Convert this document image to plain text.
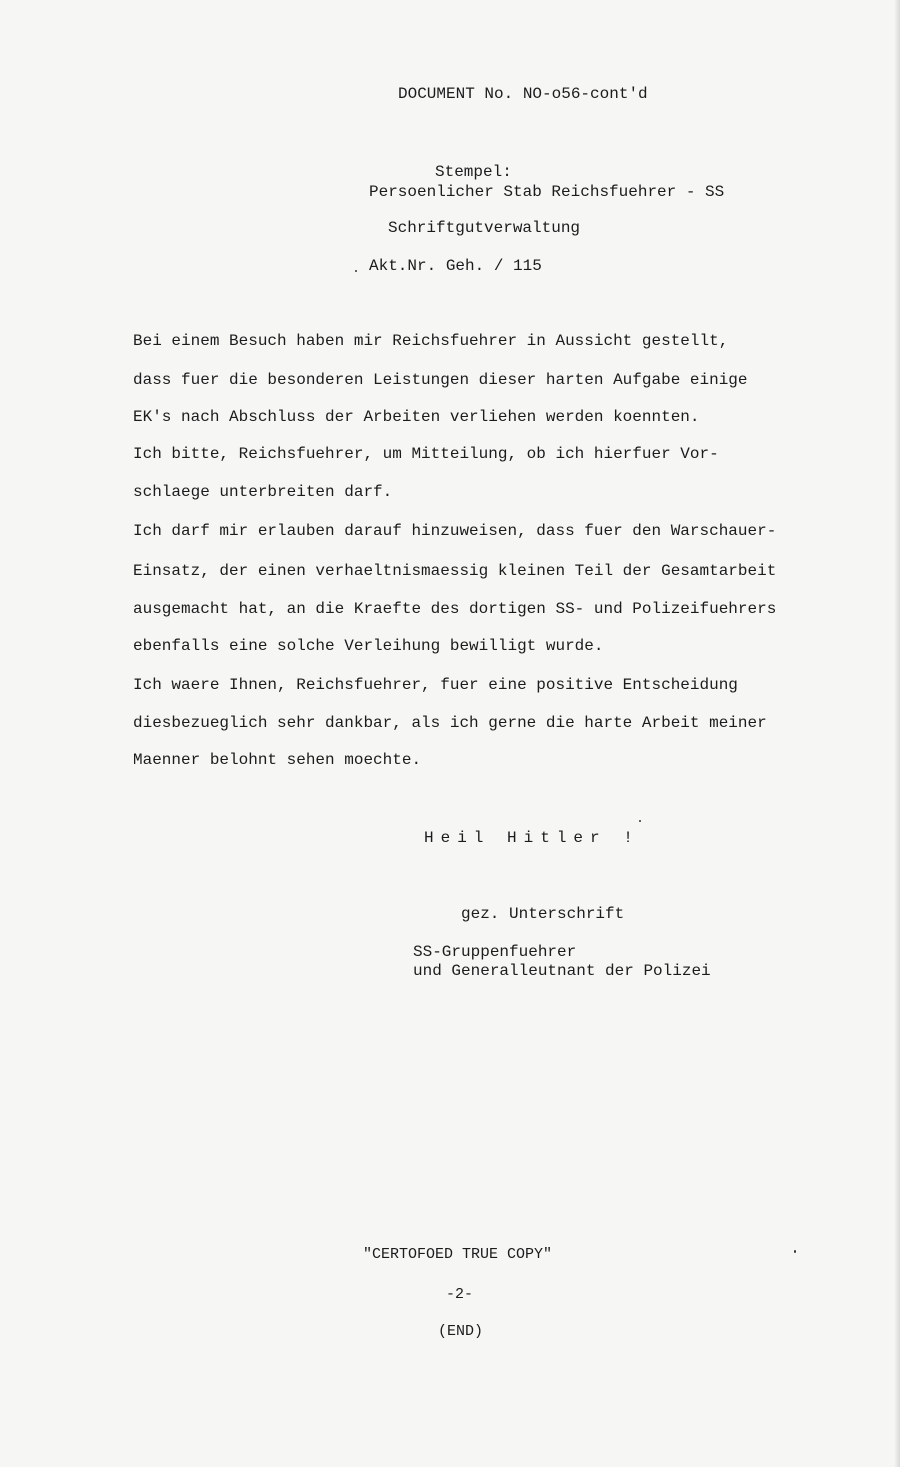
DOCUMENT No. NO-o56-cont'd
Stempel:
Persoenlicher Stab Reichsfuehrer - SS
Schriftgutverwaltung
Akt.Nr. Geh. / 115
Bei einem Besuch haben mir Reichsfuehrer in Aussicht gestellt,
dass fuer die besonderen Leistungen dieser harten Aufgabe einige
EK's nach Abschluss der Arbeiten verliehen werden koennten.
Ich bitte, Reichsfuehrer, um Mitteilung, ob ich hierfuer Vor-
schlaege unterbreiten darf.
Ich darf mir erlauben darauf hinzuweisen, dass fuer den Warschauer-
Einsatz, der einen verhaeltnismaessig kleinen Teil der Gesamtarbeit
ausgemacht hat, an die Kraefte des dortigen SS- und Polizeifuehrers
ebenfalls eine solche Verleihung bewilligt wurde.
Ich waere Ihnen, Reichsfuehrer, fuer eine positive Entscheidung
diesbezueglich sehr dankbar, als ich gerne die harte Arbeit meiner
Maenner belohnt sehen moechte.
Heil Hitler !
gez. Unterschrift
SS-Gruppenfuehrer
und Generalleutnant der Polizei
"CERTOFOED TRUE COPY"
-2-
(END)
